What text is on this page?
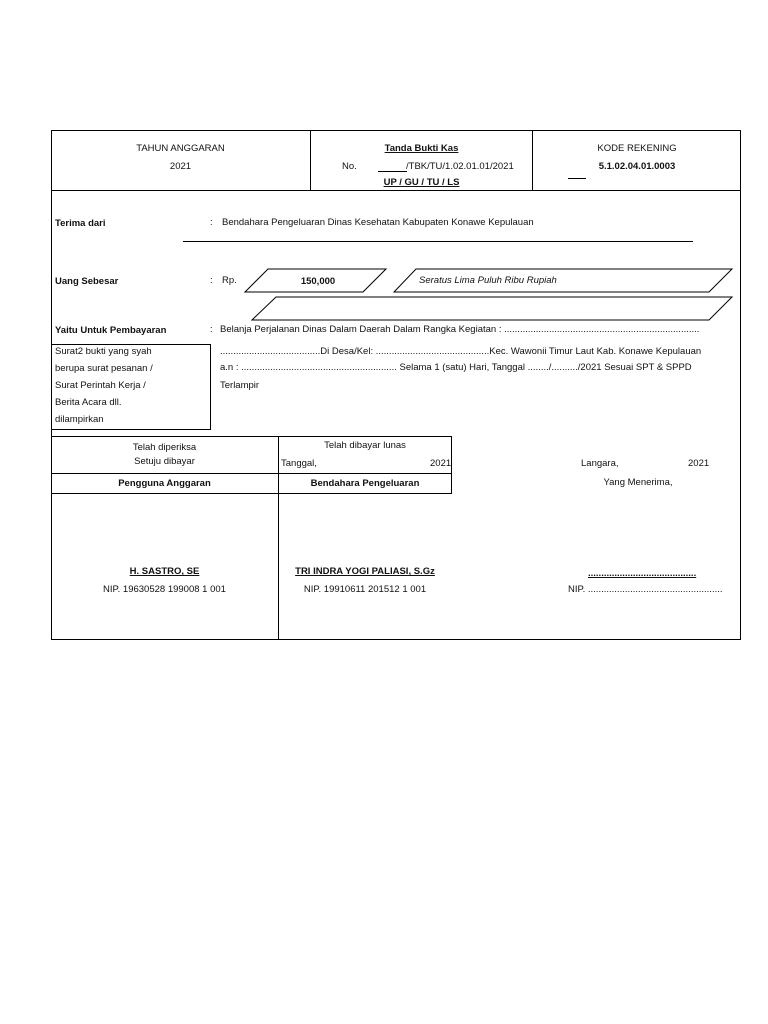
TAHUN ANGGARAN
2021
Tanda Bukti Kas
No.	/TBK/TU/1.02.01.01/2021
UP / GU / TU / LS
KODE REKENING
5.1.02.04.01.0003
Terima dari	: Bendahara Pengeluaran Dinas Kesehatan Kabupaten Konawe Kepulauan
Uang Sebesar	: Rp.	150,000	Seratus Lima Puluh Ribu Rupiah
Yaitu Untuk Pembayaran	: Belanja Perjalanan Dinas Dalam Daerah Dalam Rangka Kegiatan : ..........................................................................
......................................Di Desa/Kel: ...........................................Kec. Wawonii Timur Laut Kab. Konawe Kepulauan
a.n : ........................................................... Selama 1 (satu) Hari, Tanggal ......../........../2021 Sesuai SPT & SPPD
Terlampir
Surat2 bukti yang syah
berupa surat pesanan /
Surat Perintah Kerja /
Berita Acara dll.
dilampirkan
Telah diperiksa
Setuju dibayar
Telah dibayar lunas
Tanggal,	2021
Pengguna Anggaran	Bendahara Pengeluaran
H. SASTRO, SE
NIP. 19630528 199008 1 001
TRI INDRA YOGI PALIASI, S.Gz
NIP. 19910611 201512 1 001
Langara,	2021
Yang Menerima,
.........................................
NIP. ...................................................
